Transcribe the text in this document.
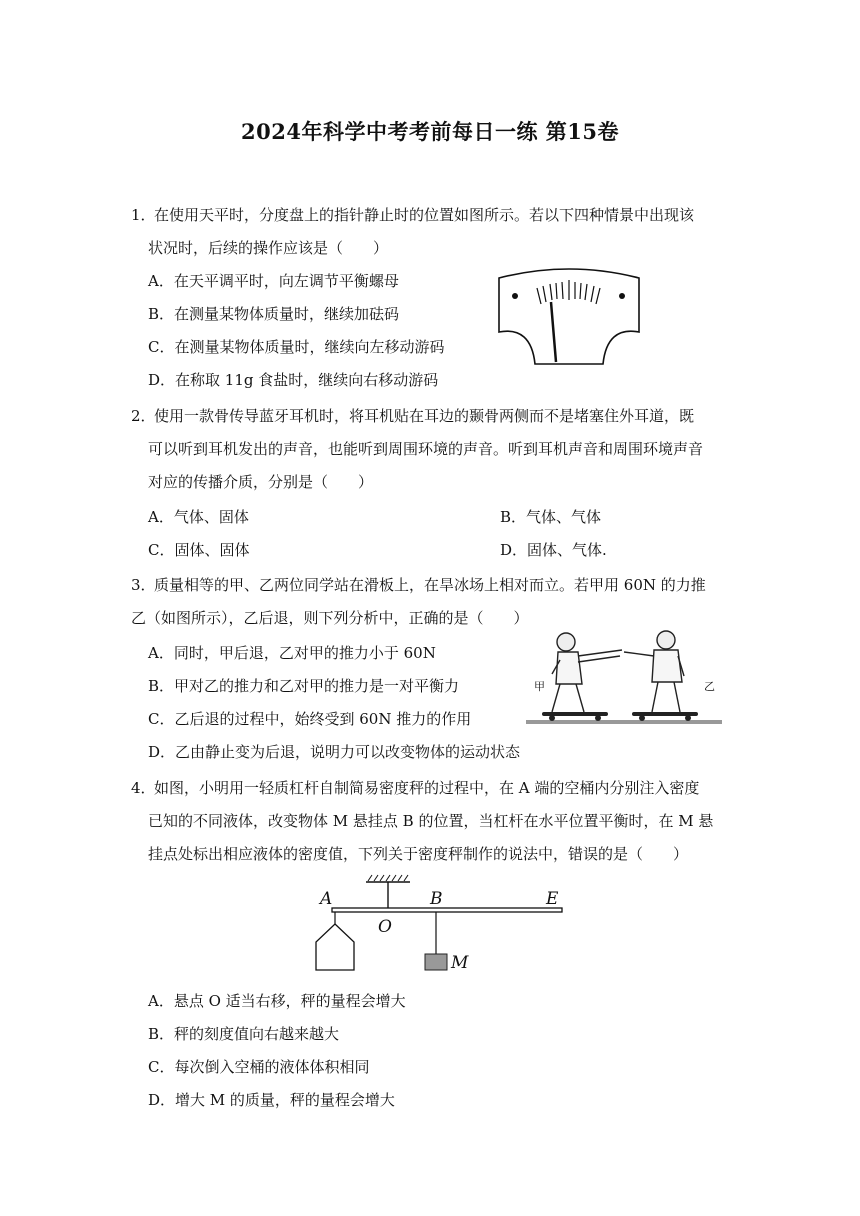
2024年科学中考考前每日一练 第15卷
1．
在使用天平时，分度盘上的指针静止时的位置如图所示。若以下四种情景中出现该
状况时，后续的操作应该是（　　）
A．在天平调平时，向左调节平衡螺母
B．在测量某物体质量时，继续加砝码
C．在测量某物体质量时，继续向左移动游码
D．在称取 11g 食盐时，继续向右移动游码
2．
使用一款骨传导蓝牙耳机时，将耳机贴在耳边的颞骨两侧而不是堵塞住外耳道，既
可以听到耳机发出的声音，也能听到周围环境的声音。听到耳机声音和周围环境声音
对应的传播介质，分别是（　　）
A．气体、固体	B．气体、气体
C．固体、固体	D．固体、气体.
3．
质量相等的甲、乙两位同学站在滑板上，在旱冰场上相对而立。若甲用 60N 的力推
乙（如图所示），乙后退，则下列分析中，正确的是（　　）
A．同时，甲后退，乙对甲的推力小于 60N
B．甲对乙的推力和乙对甲的推力是一对平衡力
C．乙后退的过程中，始终受到 60N 推力的作用
D．乙由静止变为后退，说明力可以改变物体的运动状态
甲	乙
4．
如图，小明用一轻质杠杆自制简易密度秤的过程中，在 A 端的空桶内分别注入密度
已知的不同液体，改变物体 M 悬挂点 B 的位置，当杠杆在水平位置平衡时，在 M 悬
挂点处标出相应液体的密度值，下列关于密度秤制作的说法中，错误的是（　　）
A
O
B	E
M
A．悬点 O 适当右移，秤的量程会增大
B．秤的刻度值向右越来越大
C．每次倒入空桶的液体体积相同
D．增大 M 的质量，秤的量程会增大
